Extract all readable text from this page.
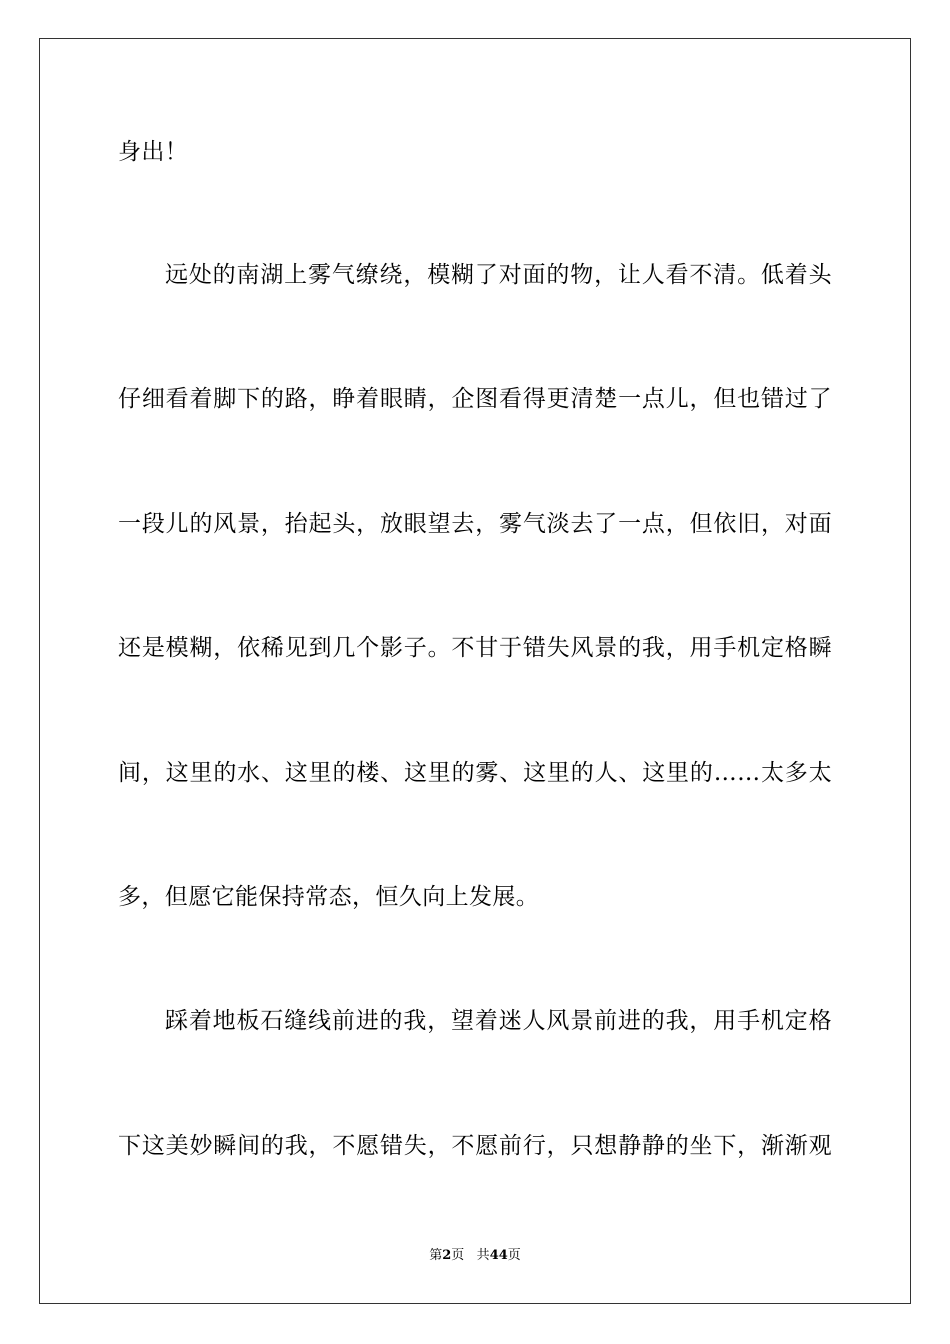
身出！
远处的南湖上雾气缭绕，模糊了对面的物，让人看不清。低着头
仔细看着脚下的路，睁着眼睛，企图看得更清楚一点儿，但也错过了
一段儿的风景，抬起头，放眼望去，雾气淡去了一点，但依旧，对面
还是模糊，依稀见到几个影子。不甘于错失风景的我，用手机定格瞬
间，这里的水、这里的楼、这里的雾、这里的人、这里的……太多太
多，但愿它能保持常态，恒久向上发展。
踩着地板石缝线前进的我，望着迷人风景前进的我，用手机定格
下这美妙瞬间的我，不愿错失，不愿前行，只想静静的坐下，渐渐观
第2页 共44页
